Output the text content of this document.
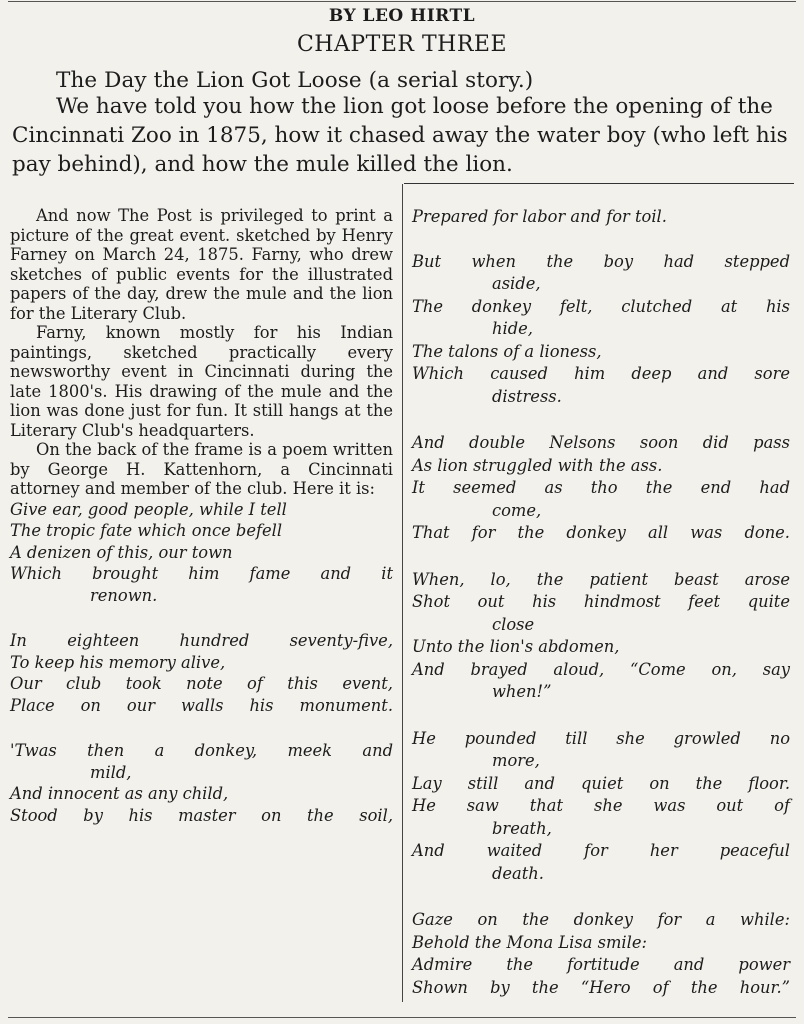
BY LEO HIRTL
CHAPTER THREE
The Day the Lion Got Loose (a serial story.)

We have told you how the lion got loose before the opening of the Cincinnati Zoo in 1875, how it chased away the water boy (who left his pay behind), and how the mule killed the lion.

And now The Post is privileged to print a picture of the great event. sketched by Henry Farney on March 24, 1875. Farny, who drew sketches of public events for the illustrated papers of the day, drew the mule and the lion for the Literary Club.

Farny, known mostly for his Indian paintings, sketched practically every newsworthy event in Cincinnati during the late 1800's. His drawing of the mule and the lion was done just for fun. It still hangs at the Literary Club's headquarters.

On the back of the frame is a poem written by George H. Kattenhorn, a Cincinnati attorney and member of the club. Here it is:

Give ear, good people, while I tell

The tropic fate which once befell

A denizen of this, our town

Which brought him fame and it

renown.

In eighteen hundred seventy-five,

To keep his memory alive,

Our club took note of this event,

Place on our walls his monument.

'Twas then a donkey, meek and

mild,

And innocent as any child,

Stood by his master on the soil,

Prepared for labor and for toil.

But when the boy had stepped

aside,

The donkey felt, clutched at his

hide,

The talons of a lioness,

Which caused him deep and sore

distress.

And double Nelsons soon did pass

As lion struggled with the ass.

It seemed as tho the end had

come,

That for the donkey all was done.

When, lo, the patient beast arose

Shot out his hindmost feet quite

close

Unto the lion's abdomen,

And brayed aloud, “Come on, say

when!”

He pounded till she growled no

more,

Lay still and quiet on the floor.

He saw that she was out of

breath,

And waited for her peaceful

death.

Gaze on the donkey for a while:

Behold the Mona Lisa smile:

Admire the fortitude and power

Shown by the “Hero of the hour.”
